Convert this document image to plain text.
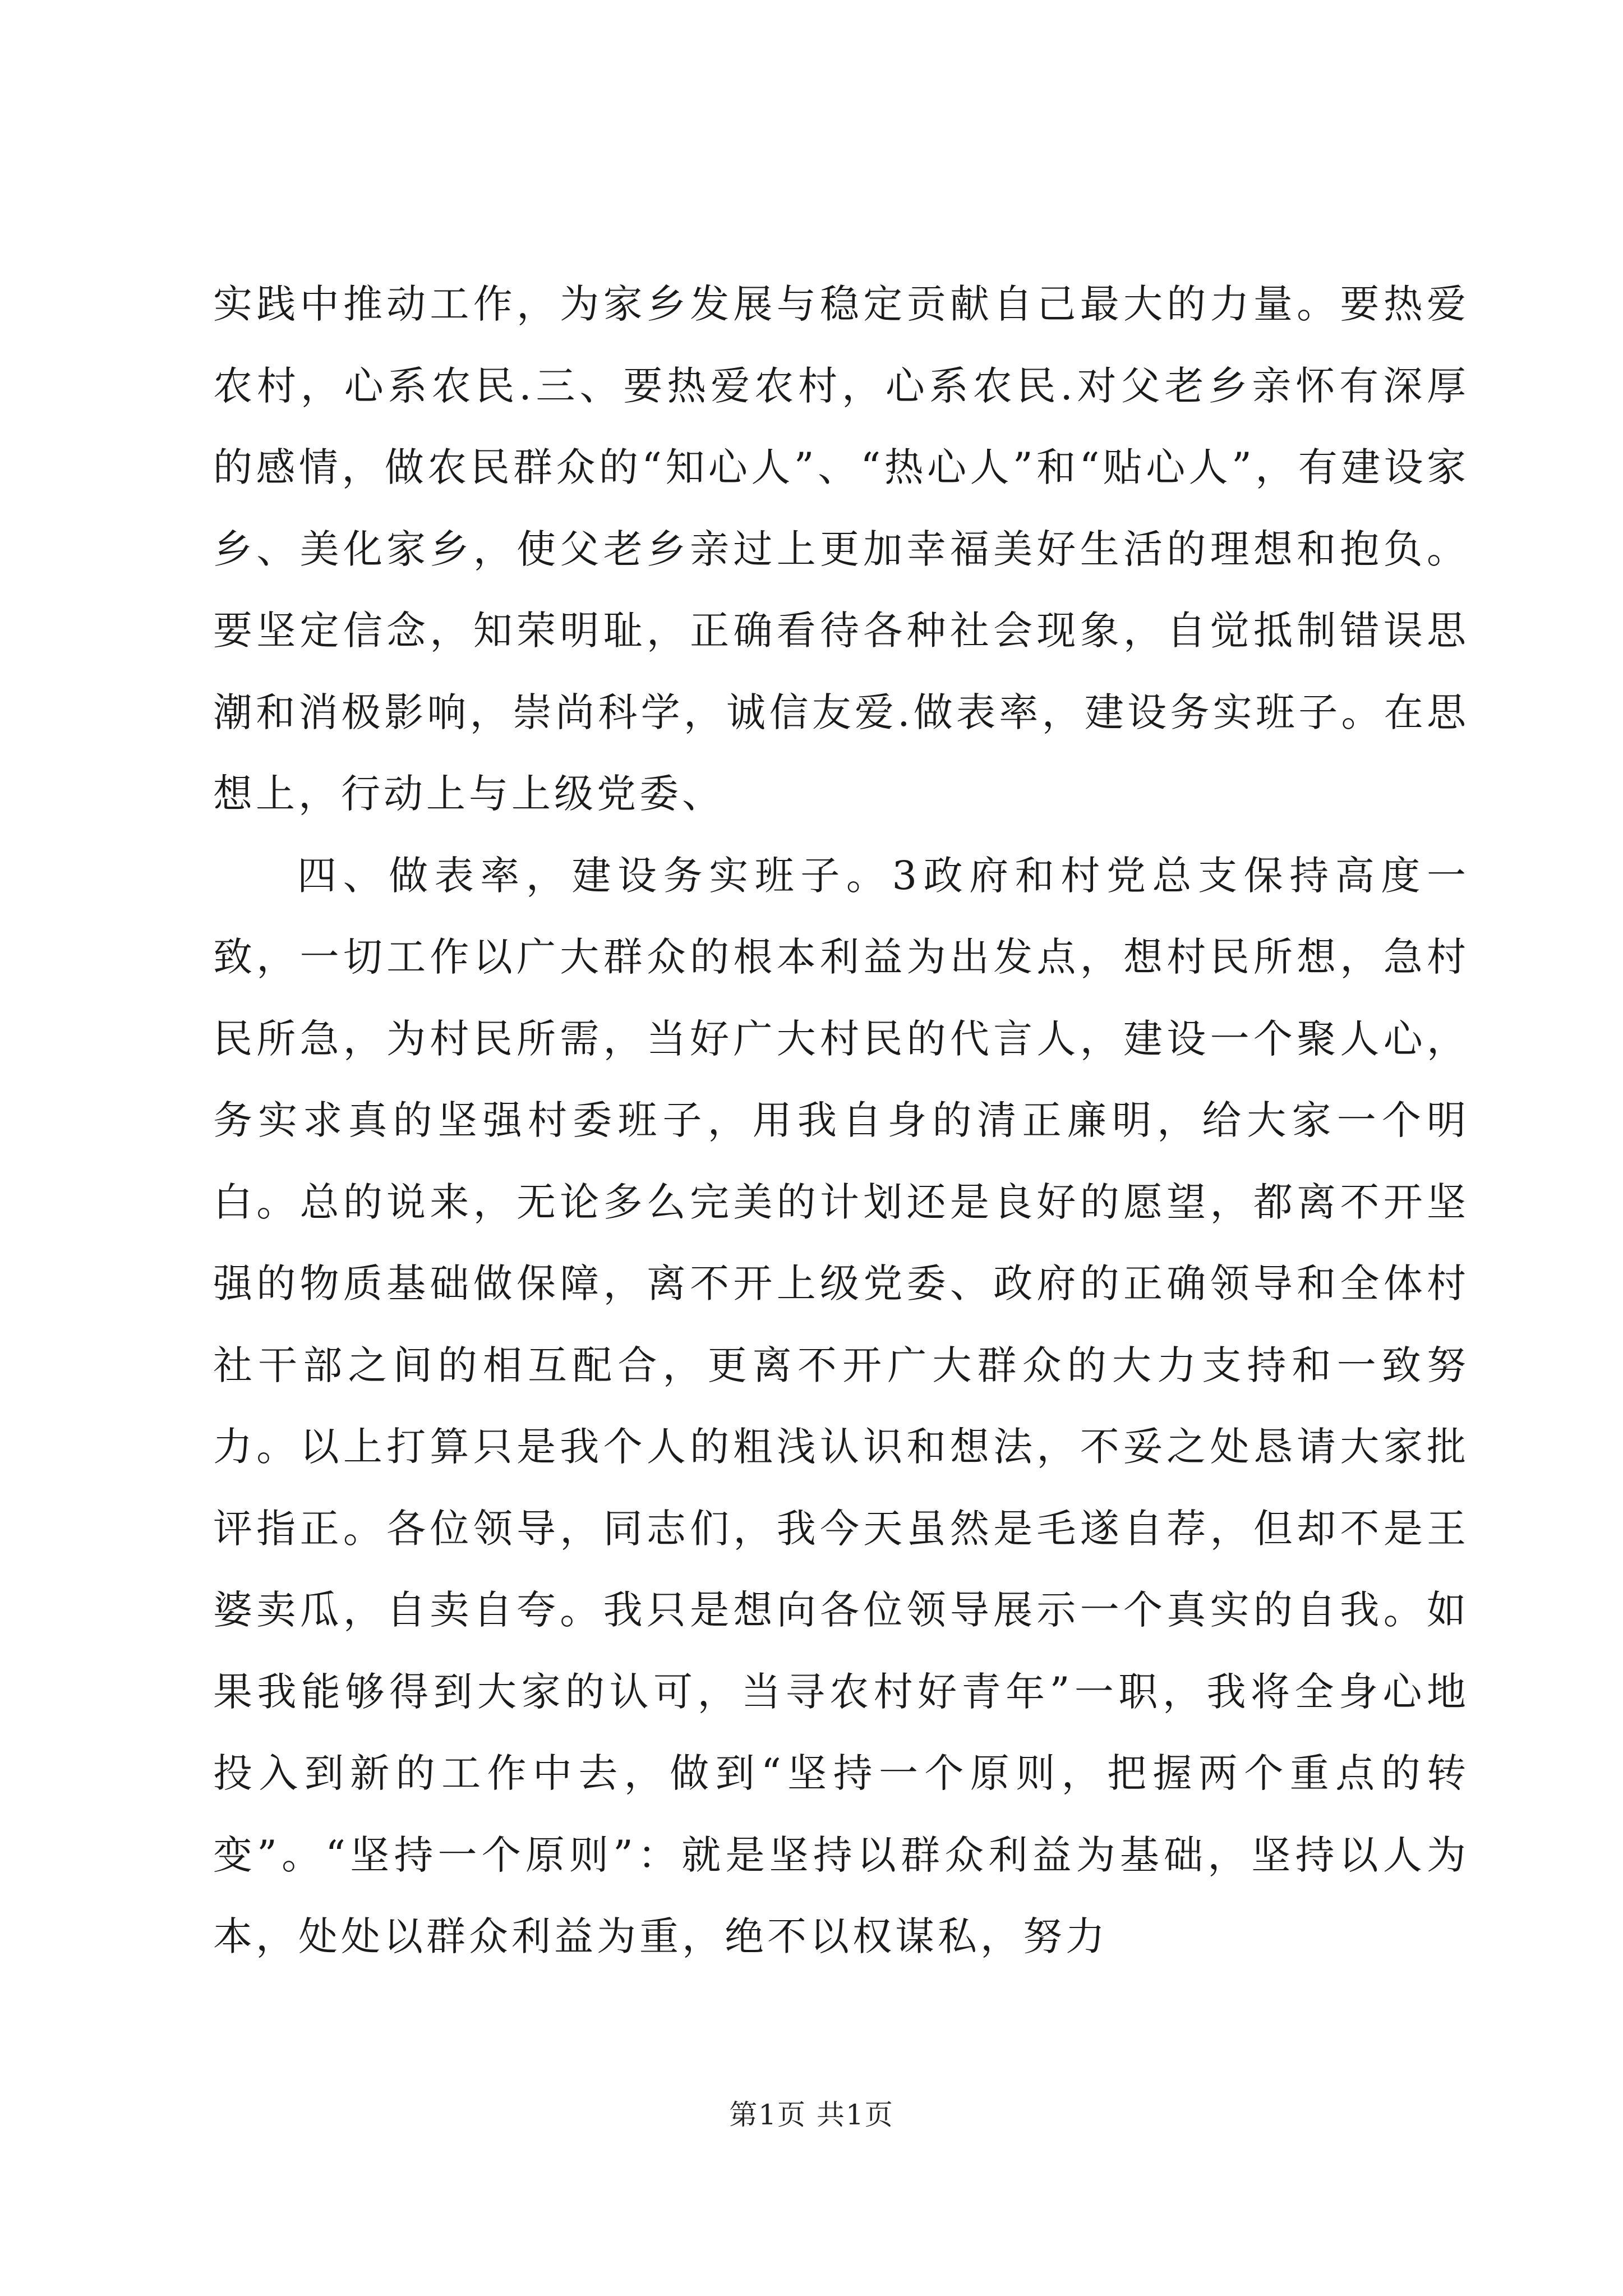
实践中推动工作，为家乡发展与稳定贡献自己最大的力量。要热爱农村，心系农民.三、要热爱农村，心系农民.对父老乡亲怀有深厚的感情，做农民群众的“知心人”、“热心人”和“贴心人”，有建设家乡、美化家乡，使父老乡亲过上更加幸福美好生活的理想和抱负。要坚定信念，知荣明耻，正确看待各种社会现象，自觉抵制错误思潮和消极影响，崇尚科学，诚信友爱.做表率，建设务实班子。在思想上，行动上与上级党委、

四、做表率，建设务实班子。3政府和村党总支保持高度一致，一切工作以广大群众的根本利益为出发点，想村民所想，急村民所急，为村民所需，当好广大村民的代言人，建设一个聚人心，务实求真的坚强村委班子，用我自身的清正廉明，给大家一个明白。总的说来，无论多么完美的计划还是良好的愿望，都离不开坚强的物质基础做保障，离不开上级党委、政府的正确领导和全体村社干部之间的相互配合，更离不开广大群众的大力支持和一致努力。以上打算只是我个人的粗浅认识和想法，不妥之处恳请大家批评指正。各位领导，同志们，我今天虽然是毛遂自荐，但却不是王婆卖瓜，自卖自夸。我只是想向各位领导展示一个真实的自我。如果我能够得到大家的认可，当寻农村好青年”一职，我将全身心地投入到新的工作中去，做到“坚持一个原则，把握两个重点的转变”。“坚持一个原则”：就是坚持以群众利益为基础，坚持以人为本，处处以群众利益为重，绝不以权谋私，努力

第1页 共1页
